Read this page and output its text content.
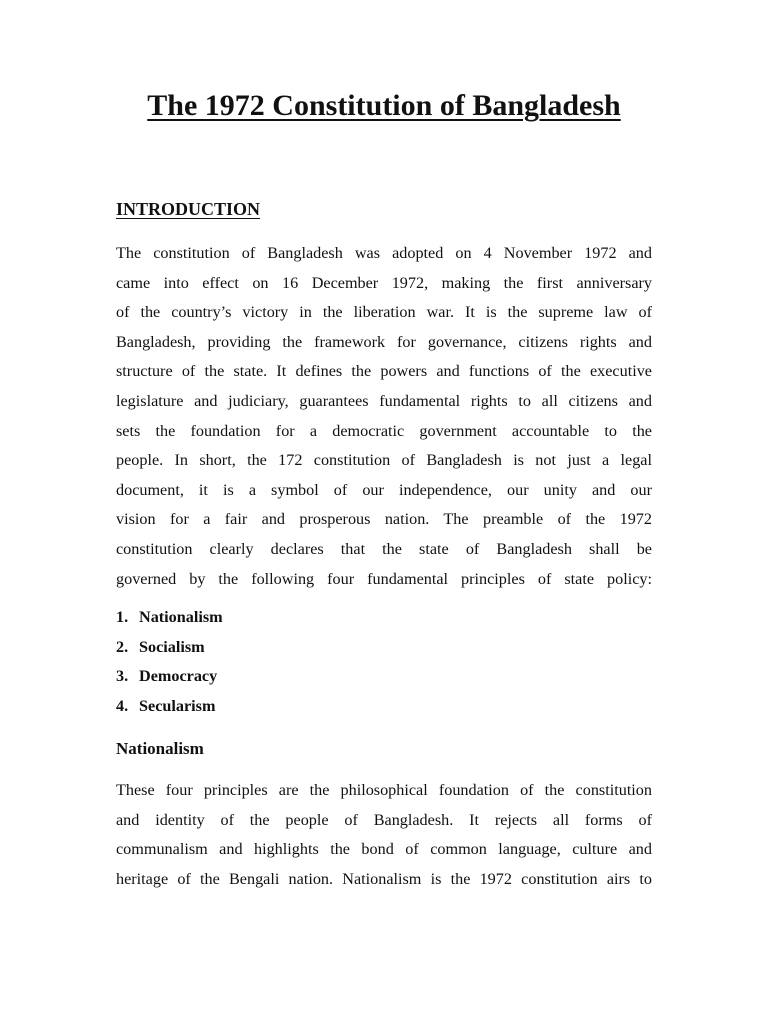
The 1972 Constitution of Bangladesh
INTRODUCTION

The constitution of Bangladesh was adopted on 4 November 1972 and
came into effect on 16 December 1972, making the first anniversary
of the country’s victory in the liberation war. It is the supreme law of
Bangladesh, providing the framework for governance, citizens rights and
structure of the state. It defines the powers and functions of the executive
legislature and judiciary, guarantees fundamental rights to all citizens and
sets the foundation for a democratic government accountable to the
people. In short, the 172 constitution of Bangladesh is not just a legal
document, it is a symbol of our independence, our unity and our
vision for a fair and prosperous nation. The preamble of the 1972
constitution clearly declares that the state of Bangladesh shall be
governed by the following four fundamental principles of state policy:

1. Nationalism
2. Socialism
3. Democracy
4. Secularism
Nationalism

These four principles are the philosophical foundation of the constitution
and identity of the people of Bangladesh. It rejects all forms of
communalism and highlights the bond of common language, culture and
heritage of the Bengali nation. Nationalism is the 1972 constitution airs to
